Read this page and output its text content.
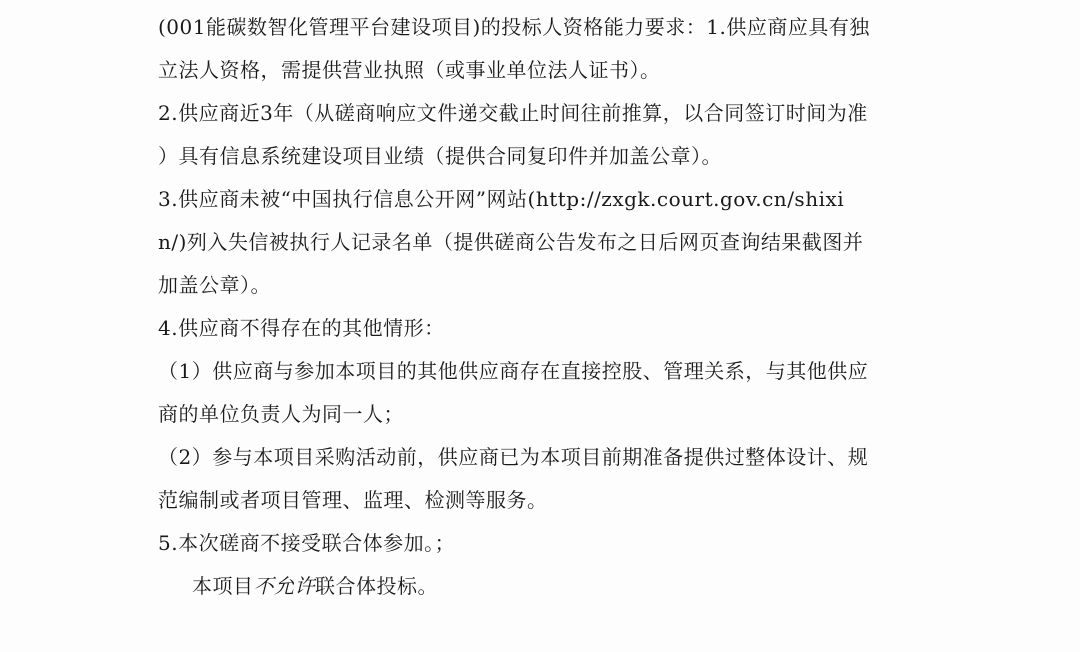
(001能碳数智化管理平台建设项目)的投标人资格能力要求：1.供应商应具有独
立法人资格，需提供营业执照（或事业单位法人证书）。
2.供应商近3年（从磋商响应文件递交截止时间往前推算，以合同签订时间为准
）具有信息系统建设项目业绩（提供合同复印件并加盖公章）。
3.供应商未被“中国执行信息公开网”网站(http://zxgk.court.gov.cn/shixi
n/)列入失信被执行人记录名单（提供磋商公告发布之日后网页查询结果截图并
加盖公章）。
4.供应商不得存在的其他情形：
（1）供应商与参加本项目的其他供应商存在直接控股、管理关系，与其他供应
商的单位负责人为同一人；
（2）参与本项目采购活动前，供应商已为本项目前期准备提供过整体设计、规
范编制或者项目管理、监理、检测等服务。
5.本次磋商不接受联合体参加。；
本项目不允许联合体投标。
